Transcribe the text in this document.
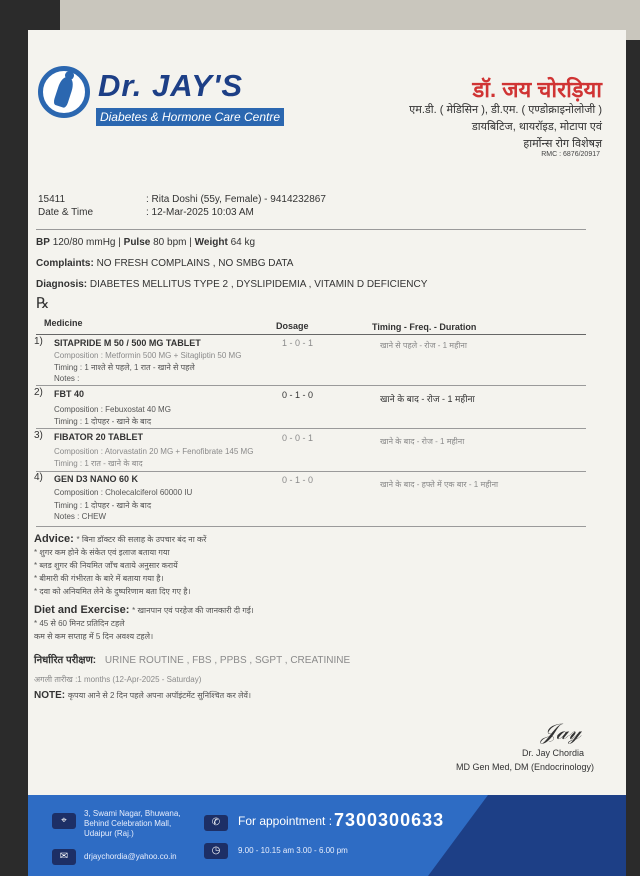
Dr. JAY'S
Diabetes & Hormone Care Centre
डॉ. जय चोरड़िया
एम.डी. ( मेडिसिन ), डी.एम. ( एण्डोक्राइनोलोजी )
डायबिटिज, थायरॉइड, मोटापा एवं
हार्मोन्स रोग विशेषज्ञ
RMC : 6876/20917
15411	: Rita Doshi (55y, Female) - 9414232867
Date & Time	: 12-Mar-2025 10:03 AM
BP 120/80 mmHg | Pulse 80 bpm | Weight 64 kg
Complaints: NO FRESH COMPLAINS , NO SMBG DATA
Diagnosis: DIABETES MELLITUS TYPE 2 , DYSLIPIDEMIA , VITAMIN D DEFICIENCY
℞
Medicine	Dosage	Timing - Freq. - Duration
1) SITAPRIDE M 50 / 500 MG TABLET	1 - 0 - 1	खाने से पहले - रोज - 1 महीना
Composition : Metformin 500 MG + Sitagliptin 50 MG
Timing : 1 नाश्ते से पहले, 1 रात - खाने से पहले
Notes :
2) FBT 40	0 - 1 - 0	खाने के बाद - रोज - 1 महीना
Composition : Febuxostat 40 MG
Timing : 1 दोपहर - खाने के बाद
3) FIBATOR 20 TABLET	0 - 0 - 1	खाने के बाद - रोज - 1 महीना
Composition : Atorvastatin 20 MG + Fenofibrate 145 MG
Timing : 1 रात - खाने के बाद
4) GEN D3 NANO 60 K	0 - 1 - 0	खाने के बाद - हफ्ते में एक बार - 1 महीना
Composition : Cholecalciferol 60000 IU
Timing : 1 दोपहर - खाने के बाद
Notes : CHEW
Advice: * बिना डॉक्टर की सलाह के उपचार बंद ना करें
* शुगर कम होने के संकेत एवं इलाज बताया गया
* ब्लड शुगर की नियमित जाँच बताये अनुसार करायें
* बीमारी की गंभीरता के बारे में बताया गया है।
* दवा को अनियमित लेने के दुष्परिणाम बता दिए गए है।
Diet and Exercise: * खानपान एवं परहेज की जानकारी दी गई।
* 45 से 60 मिनट प्रतिदिन टहले
कम से कम सप्ताह में 5 दिन अवश्य टहले।
निर्धारित परीक्षण: URINE ROUTINE , FBS , PPBS , SGPT , CREATININE
अगली तारीख :1 months (12-Apr-2025 - Saturday)
NOTE: कृपया आने से 2 दिन पहले अपना अपॉइंटमेंट सुनिश्चित कर लेवें।
𝒥𝒶𝓎
Dr. Jay Chordia
MD Gen Med, DM (Endocrinology)
⌖
3, Swami Nagar, Bhuwana,
Behind Celebration Mall,
Udaipur (Raj.)
✉	drjaychordia@yahoo.co.in
✆	For appointment : 7300300633
◷	9.00 - 10.15 am 3.00 - 6.00 pm
